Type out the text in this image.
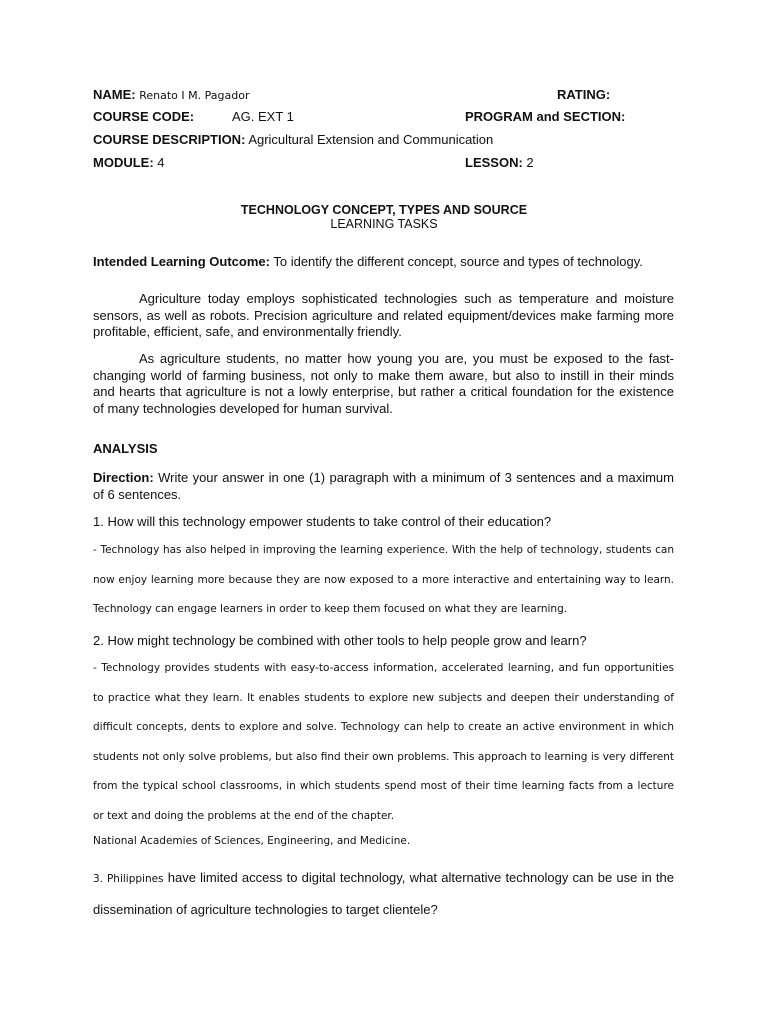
NAME: Renato I M. Pagador	RATING:
COURSE CODE:	AG. EXT 1	PROGRAM and SECTION:
COURSE DESCRIPTION: Agricultural Extension and Communication
MODULE: 4	LESSON: 2
TECHNOLOGY CONCEPT, TYPES AND SOURCE
LEARNING TASKS
Intended Learning Outcome: To identify the different concept, source and types of technology.
Agriculture today employs sophisticated technologies such as temperature and moisture sensors, as well as robots. Precision agriculture and related equipment/devices make farming more profitable, efficient, safe, and environmentally friendly.
As agriculture students, no matter how young you are, you must be exposed to the fast-changing world of farming business, not only to make them aware, but also to instill in their minds and hearts that agriculture is not a lowly enterprise, but rather a critical foundation for the existence of many technologies developed for human survival.
ANALYSIS
Direction: Write your answer in one (1) paragraph with a minimum of 3 sentences and a maximum of 6 sentences.
1. How will this technology empower students to take control of their education?
- Technology has also helped in improving the learning experience. With the help of technology, students can now enjoy learning more because they are now exposed to a more interactive and entertaining way to learn. Technology can engage learners in order to keep them focused on what they are learning.
2. How might technology be combined with other tools to help people grow and learn?
- Technology provides students with easy-to-access information, accelerated learning, and fun opportunities to practice what they learn. It enables students to explore new subjects and deepen their understanding of difficult concepts, dents to explore and solve. Technology can help to create an active environment in which students not only solve problems, but also find their own problems. This approach to learning is very different from the typical school classrooms, in which students spend most of their time learning facts from a lecture or text and doing the problems at the end of the chapter.
National Academies of Sciences, Engineering, and Medicine.
3. Philippines have limited access to digital technology, what alternative technology can be use in the dissemination of agriculture technologies to target clientele?
